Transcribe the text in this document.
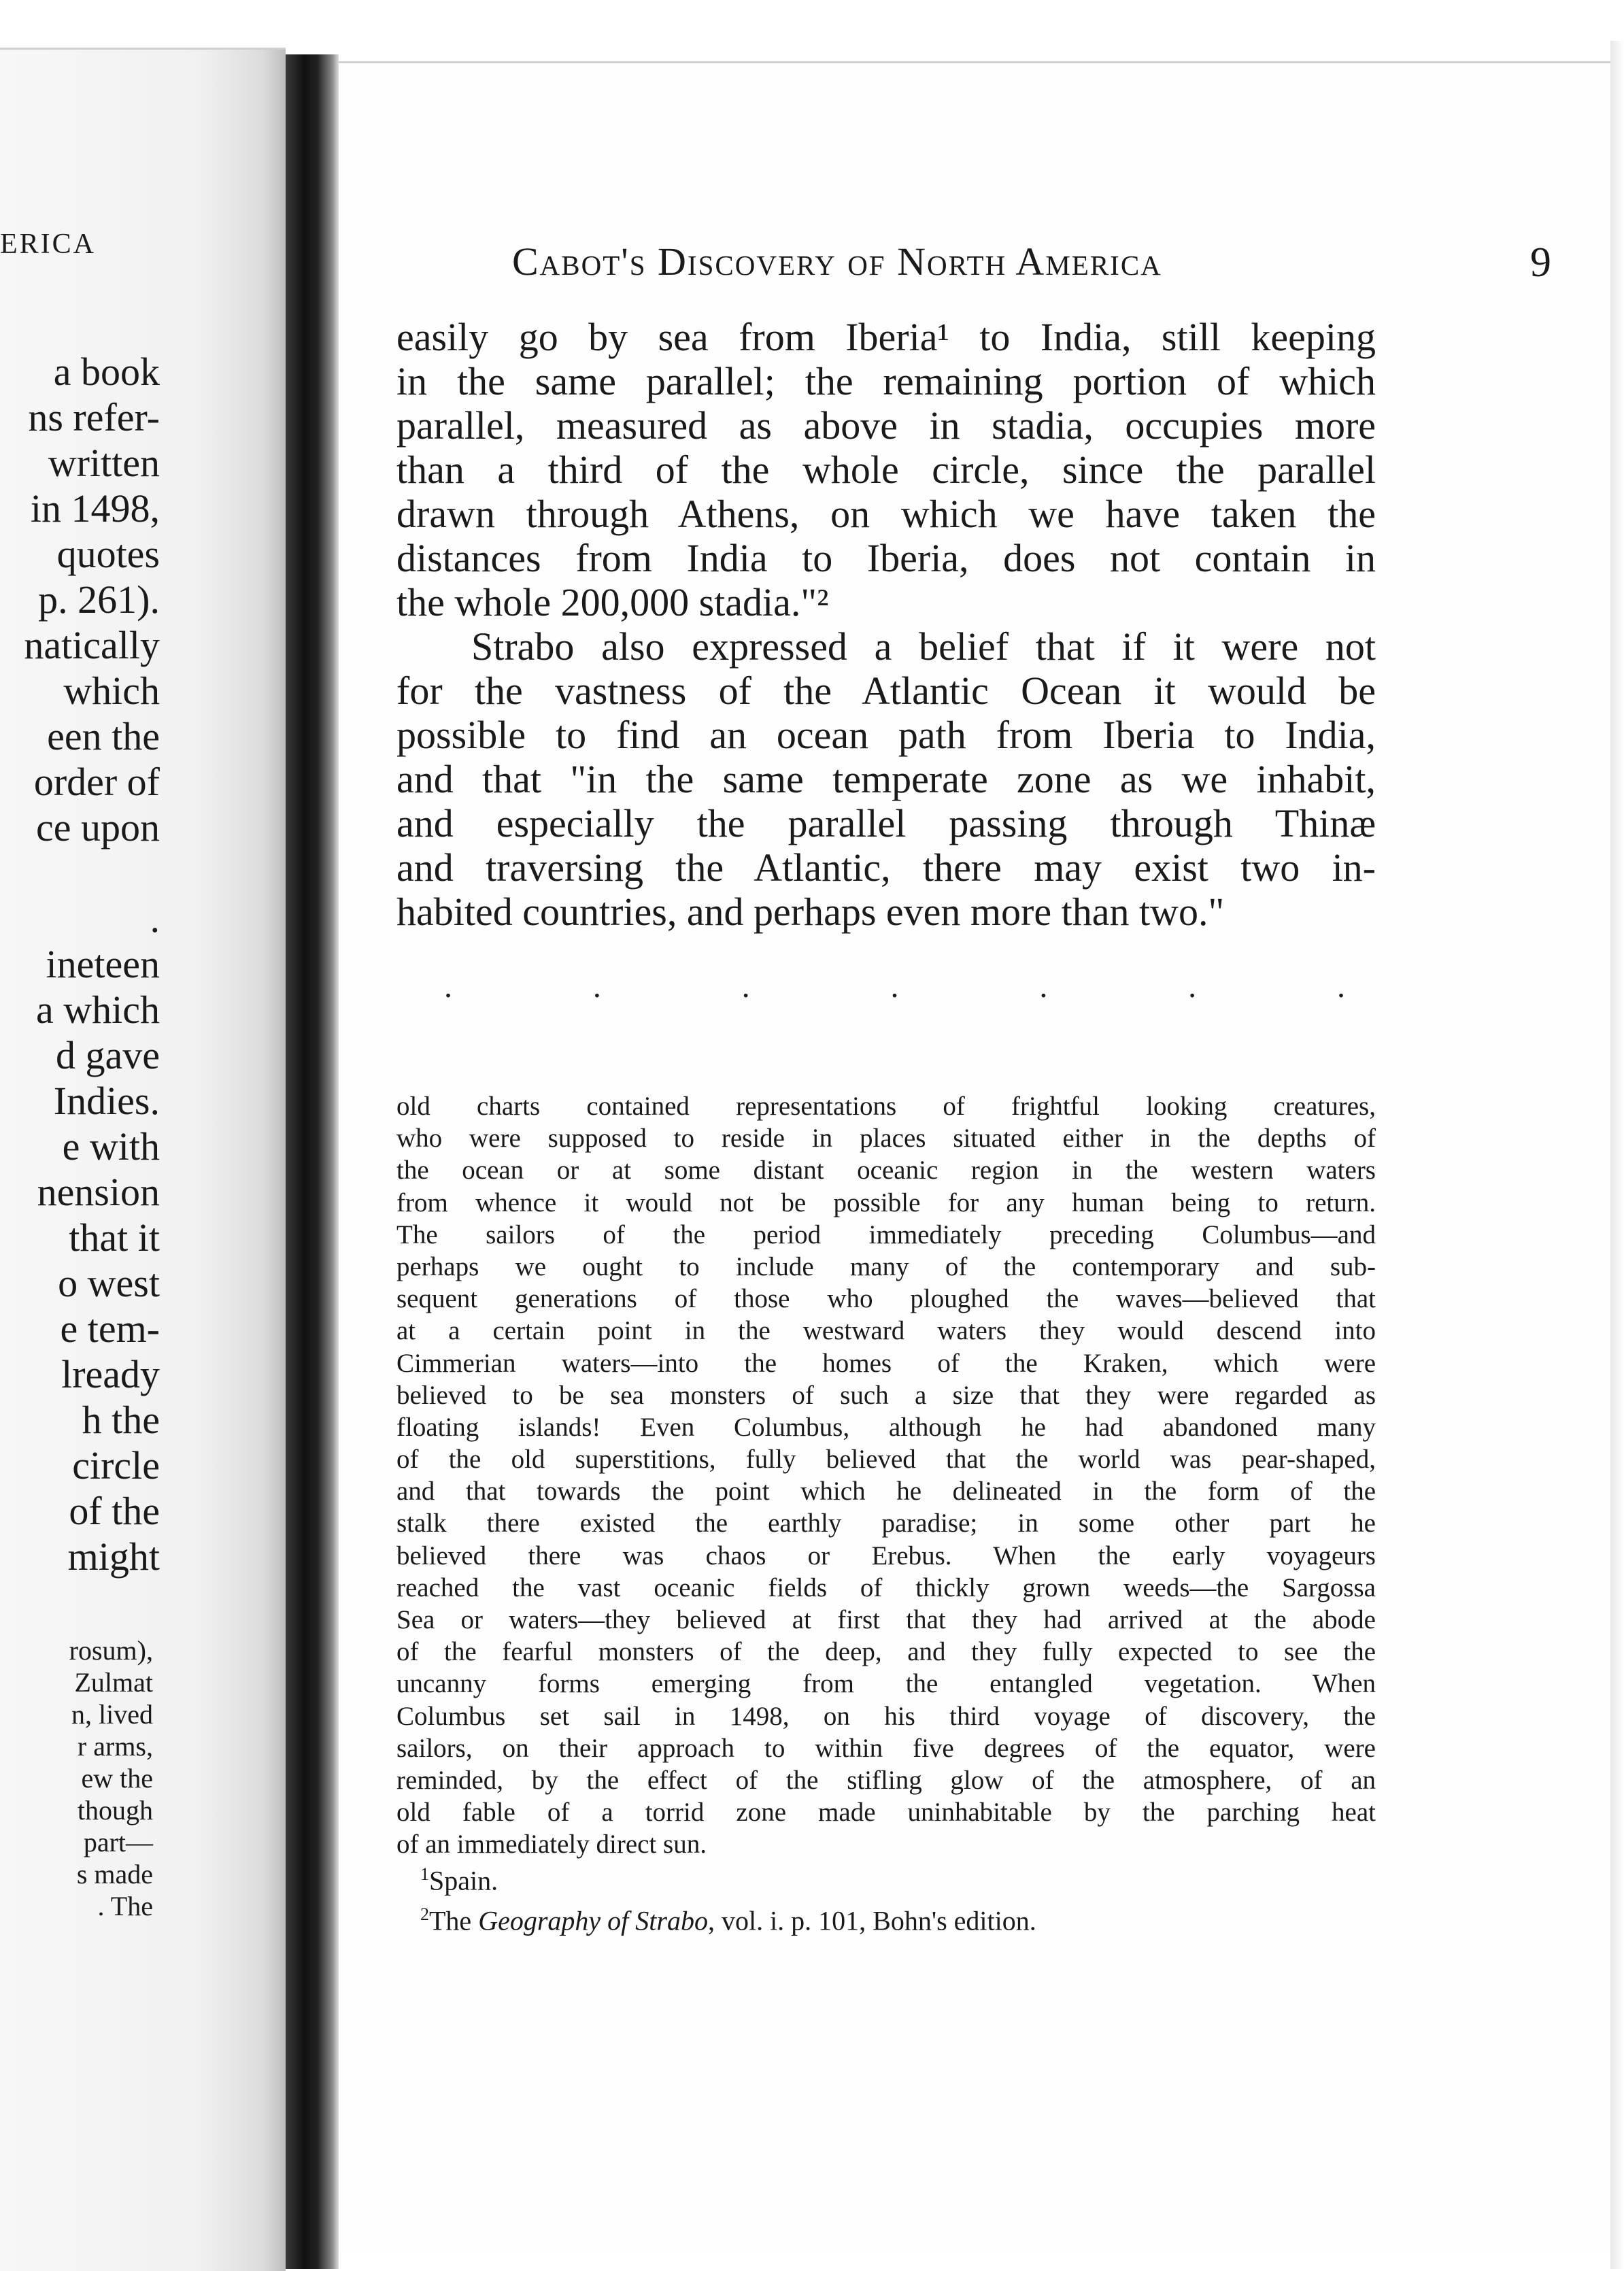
ERICA
a book
ns refer-
written
in 1498,
quotes
p. 261).
natically
which
een the
order of
ce upon
.
ineteen
a which
d gave
Indies.
e with
nension
that it
o west
e tem-
lready
h the
circle
of the
might
rosum),
Zulmat
n, lived
r arms,
ew the
though
part—
s made
. The
Cabot's Discovery of North America	9
easily go by sea from Iberia¹ to India, still keeping
in the same parallel; the remaining portion of which
parallel, measured as above in stadia, occupies more
than a third of the whole circle, since the parallel
drawn through Athens, on which we have taken the
distances from India to Iberia, does not contain in
the whole 200,000 stadia."²
Strabo also expressed a belief that if it were not
for the vastness of the Atlantic Ocean it would be
possible to find an ocean path from Iberia to India,
and that "in the same temperate zone as we inhabit,
and especially the parallel passing through Thinæ
and traversing the Atlantic, there may exist two in-
habited countries, and perhaps even more than two."
.	.	.	.	.	.	.
old charts contained representations of frightful looking creatures,
who were supposed to reside in places situated either in the depths of
the ocean or at some distant oceanic region in the western waters
from whence it would not be possible for any human being to return.
The sailors of the period immediately preceding Columbus—and
perhaps we ought to include many of the contemporary and sub-
sequent generations of those who ploughed the waves—believed that
at a certain point in the westward waters they would descend into
Cimmerian waters—into the homes of the Kraken, which were
believed to be sea monsters of such a size that they were regarded as
floating islands! Even Columbus, although he had abandoned many
of the old superstitions, fully believed that the world was pear-shaped,
and that towards the point which he delineated in the form of the
stalk there existed the earthly paradise; in some other part he
believed there was chaos or Erebus. When the early voyageurs
reached the vast oceanic fields of thickly grown weeds—the Sargossa
Sea or waters—they believed at first that they had arrived at the abode
of the fearful monsters of the deep, and they fully expected to see the
uncanny forms emerging from the entangled vegetation. When
Columbus set sail in 1498, on his third voyage of discovery, the
sailors, on their approach to within five degrees of the equator, were
reminded, by the effect of the stifling glow of the atmosphere, of an
old fable of a torrid zone made uninhabitable by the parching heat
of an immediately direct sun.
$^1$Spain.
$^2$The Geography of Strabo, vol. i. p. 101, Bohn's edition.
